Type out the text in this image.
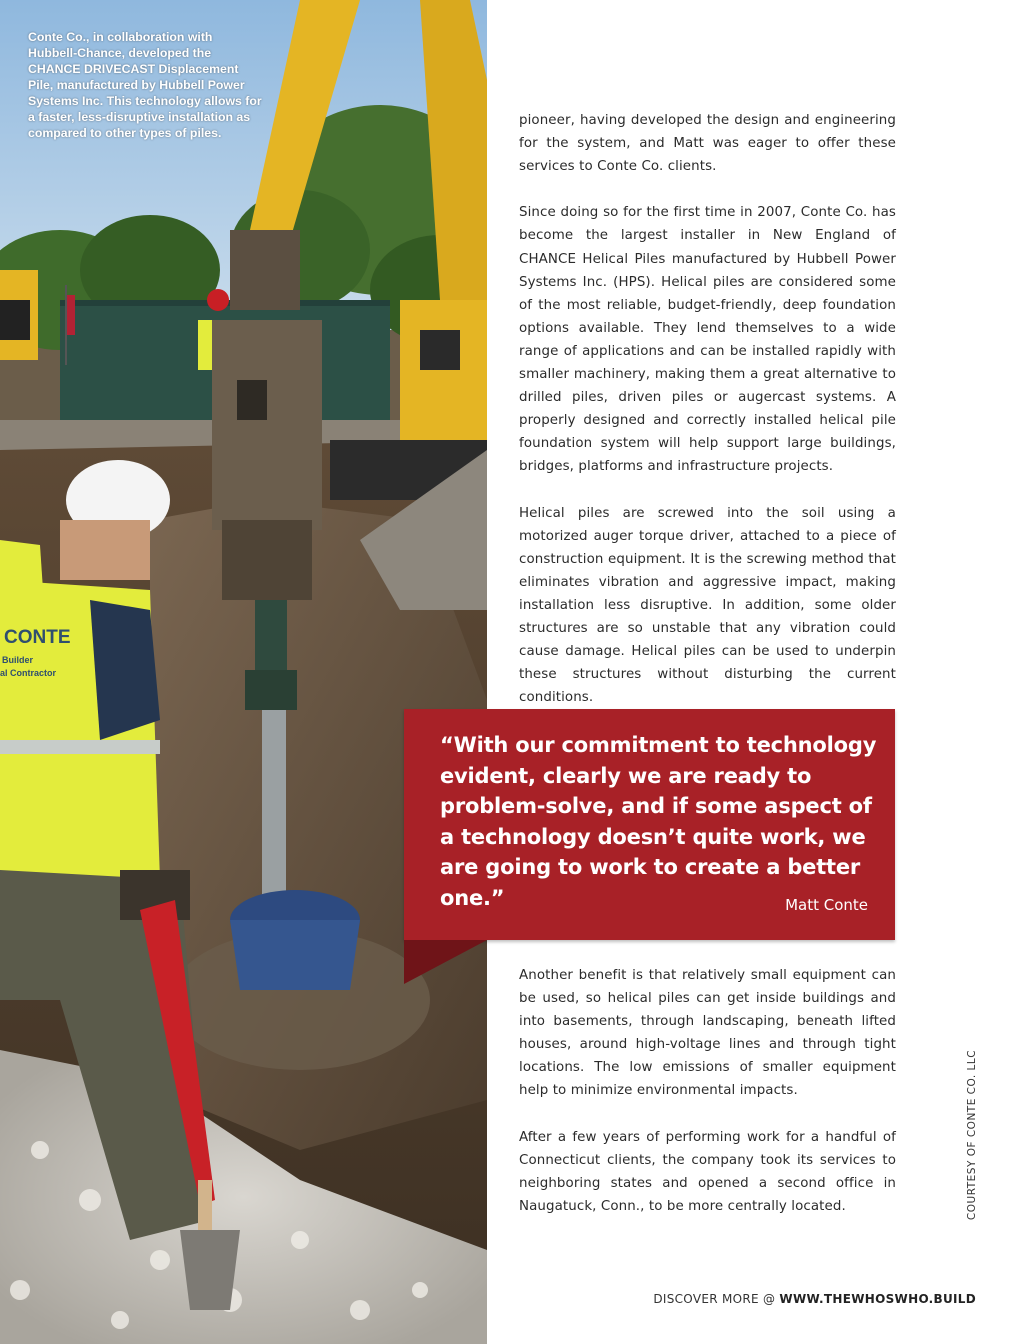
CONTE
Builder
al Contractor
Conte Co., in collaboration with Hubbell-Chance, developed the CHANCE DRIVECAST Displacement Pile, manufactured by Hubbell Power Systems Inc. This technology allows for a faster, less-disruptive installation as compared to other types of piles.

pioneer, having developed the design and engineering for the system, and Matt was eager to offer these services to Conte Co. clients.

Since doing so for the first time in 2007, Conte Co. has become the largest installer in New England of CHANCE Helical Piles manufactured by Hubbell Power Systems Inc. (HPS). Helical piles are considered some of the most reliable, budget-friendly, deep foundation options available. They lend themselves to a wide range of applications and can be installed rapidly with smaller machinery, making them a great alternative to drilled piles, driven piles or augercast systems. A properly designed and correctly installed helical pile foundation system will help support large buildings, bridges, platforms and infrastructure projects.

Helical piles are screwed into the soil using a motorized auger torque driver, attached to a piece of construction equipment. It is the screwing method that eliminates vibration and aggressive impact, making installation less disruptive. In addition, some older structures are so unstable that any vibration could cause damage. Helical piles can be used to underpin these structures without disturbing the current conditions.

“With our commitment to technology evident, clearly we are ready to problem-solve, and if some aspect of a technology doesn’t quite work, we are going to work to create a better one.”	Matt Conte

Another benefit is that relatively small equipment can be used, so helical piles can get inside buildings and into basements, through landscaping, beneath lifted houses, around high-voltage lines and through tight locations. The low emissions of smaller equipment help to minimize environmental impacts.

After a few years of performing work for a handful of Connecticut clients, the company took its services to neighboring states and opened a second office in Naugatuck, Conn., to be more centrally located.	COURTESY OF CONTE CO. LLC
DISCOVER MORE @ WWW.THEWHOSWHO.BUILD
